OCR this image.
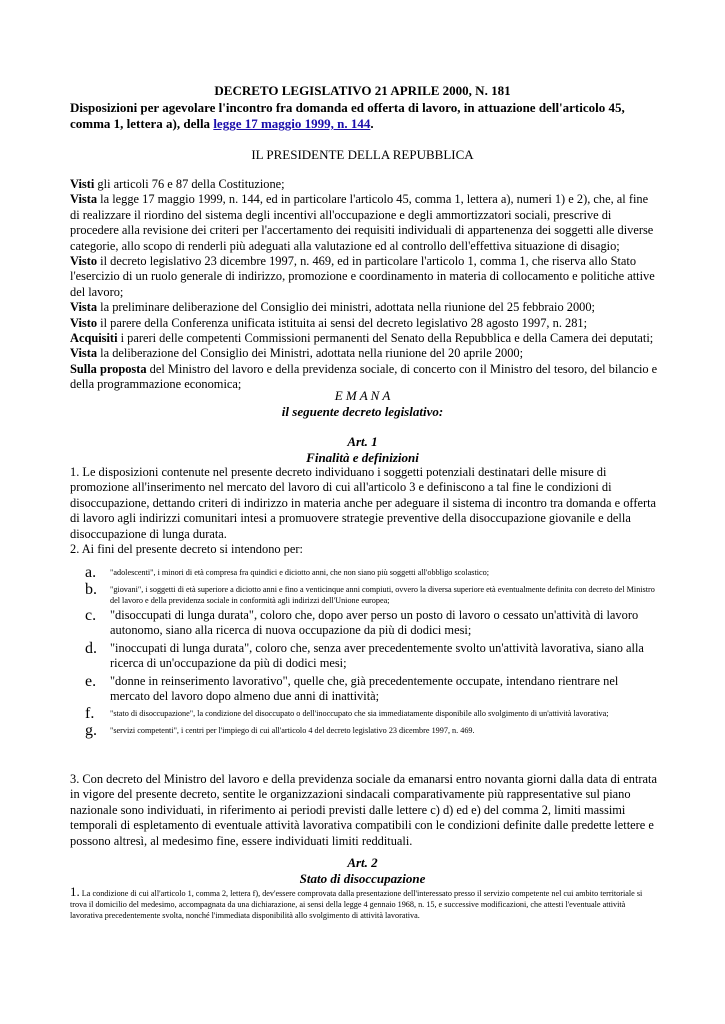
DECRETO LEGISLATIVO 21 APRILE 2000, N. 181
Disposizioni per agevolare l'incontro fra domanda ed offerta di lavoro, in attuazione dell'articolo 45, comma 1, lettera a), della legge 17 maggio 1999, n. 144.
IL PRESIDENTE DELLA REPUBBLICA

Visti gli articoli 76 e 87 della Costituzione;

Vista la legge 17 maggio 1999, n. 144, ed in particolare l'articolo 45, comma 1, lettera a), numeri 1) e 2), che, al fine di realizzare il riordino del sistema degli incentivi all'occupazione e degli ammortizzatori sociali, prescrive di procedere alla revisione dei criteri per l'accertamento dei requisiti individuali di appartenenza dei soggetti alle diverse categorie, allo scopo di renderli più adeguati alla valutazione ed al controllo dell'effettiva situazione di disagio;

Visto il decreto legislativo 23 dicembre 1997, n. 469, ed in particolare l'articolo 1, comma 1, che riserva allo Stato l'esercizio di un ruolo generale di indirizzo, promozione e coordinamento in materia di collocamento e politiche attive del lavoro;

Vista la preliminare deliberazione del Consiglio dei ministri, adottata nella riunione del 25 febbraio 2000;

Visto il parere della Conferenza unificata istituita ai sensi del decreto legislativo 28 agosto 1997, n. 281;

Acquisiti i pareri delle competenti Commissioni permanenti del Senato della Repubblica e della Camera dei deputati;

Vista la deliberazione del Consiglio dei Ministri, adottata nella riunione del 20 aprile 2000;

Sulla proposta del Ministro del lavoro e della previdenza sociale, di concerto con il Ministro del tesoro, del bilancio e della programmazione economica;

E M A N A
il seguente decreto legislativo:
Art. 1
Finalità e definizioni

1. Le disposizioni contenute nel presente decreto individuano i soggetti potenziali destinatari delle misure di promozione all'inserimento nel mercato del lavoro di cui all'articolo 3 e definiscono a tal fine le condizioni di disoccupazione, dettando criteri di indirizzo in materia anche per adeguare il sistema di incontro tra domanda e offerta di lavoro agli indirizzi comunitari intesi a promuovere strategie preventive della disoccupazione giovanile e della disoccupazione di lunga durata.

2. Ai fini del presente decreto si intendono per:

a.	"adolescenti", i minori di età compresa fra quindici e diciotto anni, che non siano più soggetti all'obbligo scolastico;
b.	"giovani", i soggetti di età superiore a diciotto anni e fino a venticinque anni compiuti, ovvero la diversa superiore età eventualmente definita con decreto del Ministro del lavoro e della previdenza sociale in conformità agli indirizzi dell'Unione europea;
c.	"disoccupati di lunga durata", coloro che, dopo aver perso un posto di lavoro o cessato un'attività di lavoro autonomo, siano alla ricerca di nuova occupazione da più di dodici mesi;
d.	"inoccupati di lunga durata", coloro che, senza aver precedentemente svolto un'attività lavorativa, siano alla ricerca di un'occupazione da più di dodici mesi;
e.	"donne in reinserimento lavorativo", quelle che, già precedentemente occupate, intendano rientrare nel mercato del lavoro dopo almeno due anni di inattività;
f.	"stato di disoccupazione", la condizione del disoccupato o dell'inoccupato che sia immediatamente disponibile allo svolgimento di un'attività lavorativa;
g.	"servizi competenti", i centri per l'impiego di cui all'articolo 4 del decreto legislativo 23 dicembre 1997, n. 469.

3. Con decreto del Ministro del lavoro e della previdenza sociale da emanarsi entro novanta giorni dalla data di entrata in vigore del presente decreto, sentite le organizzazioni sindacali comparativamente più rappresentative sul piano nazionale sono individuati, in riferimento ai periodi previsti dalle lettere c) d) ed e) del comma 2, limiti massimi temporali di espletamento di eventuale attività lavorativa compatibili con le condizioni definite dalle predette lettere e possono altresì, al medesimo fine, essere individuati limiti reddituali.

Art. 2
Stato di disoccupazione
1. La condizione di cui all'articolo 1, comma 2, lettera f), dev'essere comprovata dalla presentazione dell'interessato presso il servizio competente nel cui ambito territoriale si trova il domicilio del medesimo, accompagnata da una dichiarazione, ai sensi della legge 4 gennaio 1968, n. 15, e successive modificazioni, che attesti l'eventuale attività lavorativa precedentemente svolta, nonché l'immediata disponibilità allo svolgimento di attività lavorativa.
